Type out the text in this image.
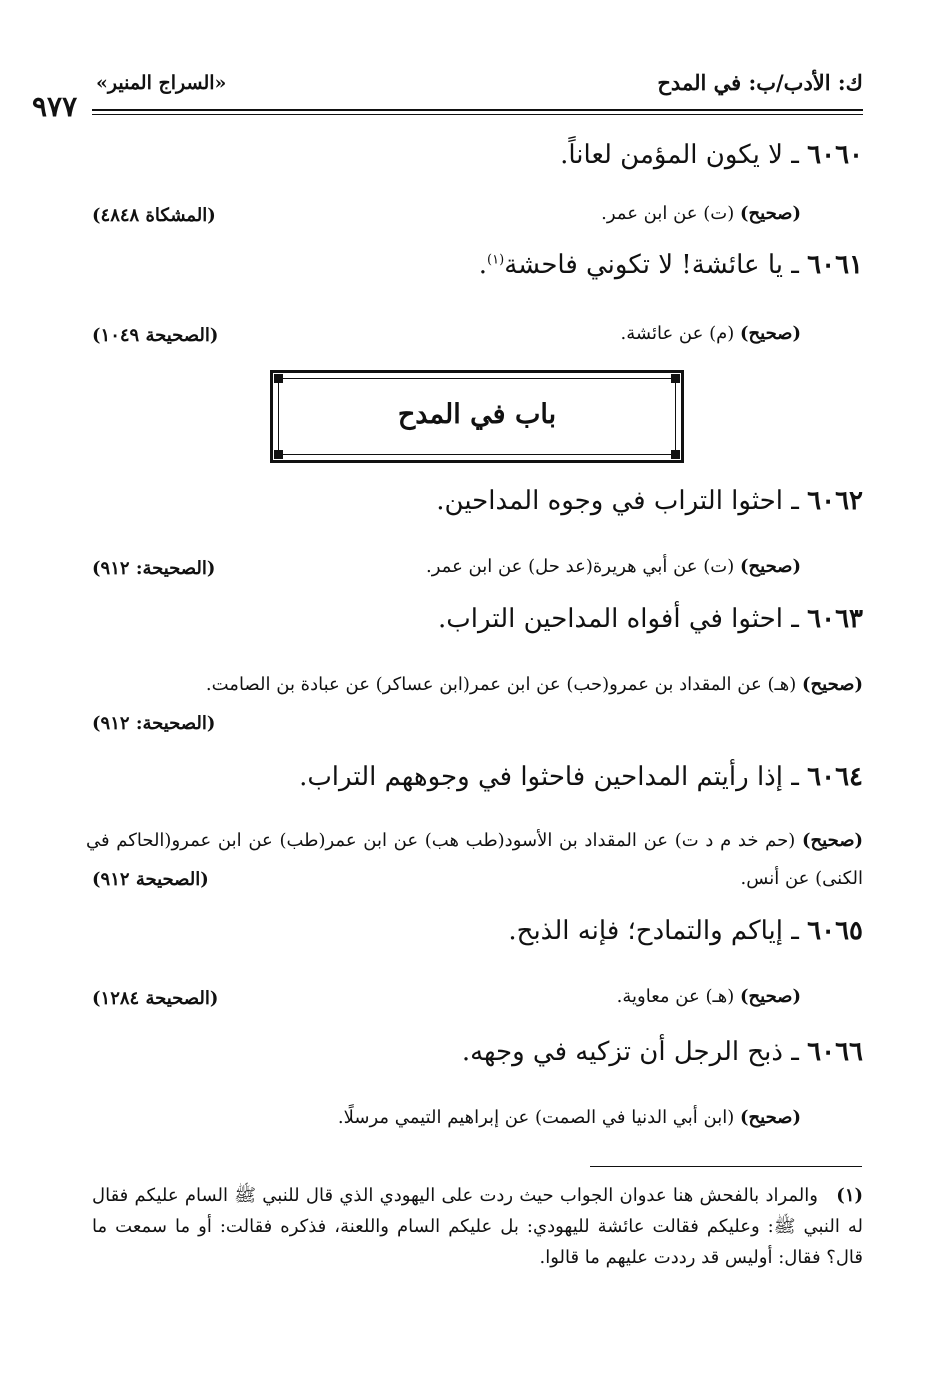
ك: الأدب/ب: في المدح
«السراج المنير»
٩٧٧
٦٠٦٠ ـ لا يكون المؤمن لعاناً.
(صحيح) (ت) عن ابن عمر.
(المشكاة ٤٨٤٨)
٦٠٦١ ـ يا عائشة! لا تكوني فاحشة$^{(١)}$.
(صحيح) (م) عن عائشة.
(الصحيحة ١٠٤٩)
باب في المدح
٦٠٦٢ ـ احثوا التراب في وجوه المداحين.
(صحيح) (ت) عن أبي هريرة(عد حل) عن ابن عمر.
(الصحيحة: ٩١٢)
٦٠٦٣ ـ احثوا في أفواه المداحين التراب.
(صحيح) (هـ) عن المقداد بن عمرو(حب) عن ابن عمر(ابن عساكر) عن عبادة بن الصامت.
(الصحيحة: ٩١٢)
٦٠٦٤ ـ إذا رأيتم المداحين فاحثوا في وجوههم التراب.
(صحيح) (حم خد م د ت) عن المقداد بن الأسود(طب هب) عن ابن عمر(طب) عن ابن عمرو(الحاكم في الكنى) عن أنس.
(الصحيحة ٩١٢)
٦٠٦٥ ـ إياكم والتمادح؛ فإنه الذبح.
(صحيح) (هـ) عن معاوية.
(الصحيحة ١٢٨٤)
٦٠٦٦ ـ ذبح الرجل أن تزكيه في وجهه.
(صحيح) (ابن أبي الدنيا في الصمت) عن إبراهيم التيمي مرسلًا.
(١) والمراد بالفحش هنا عدوان الجواب حيث ردت على اليهودي الذي قال للنبي ﷺ السام عليكم فقال له النبي ﷺ: وعليكم فقالت عائشة لليهودي: بل عليكم السام واللعنة، فذكره فقالت: أو ما سمعت ما قال؟ فقال: أوليس قد رددت عليهم ما قالوا.
